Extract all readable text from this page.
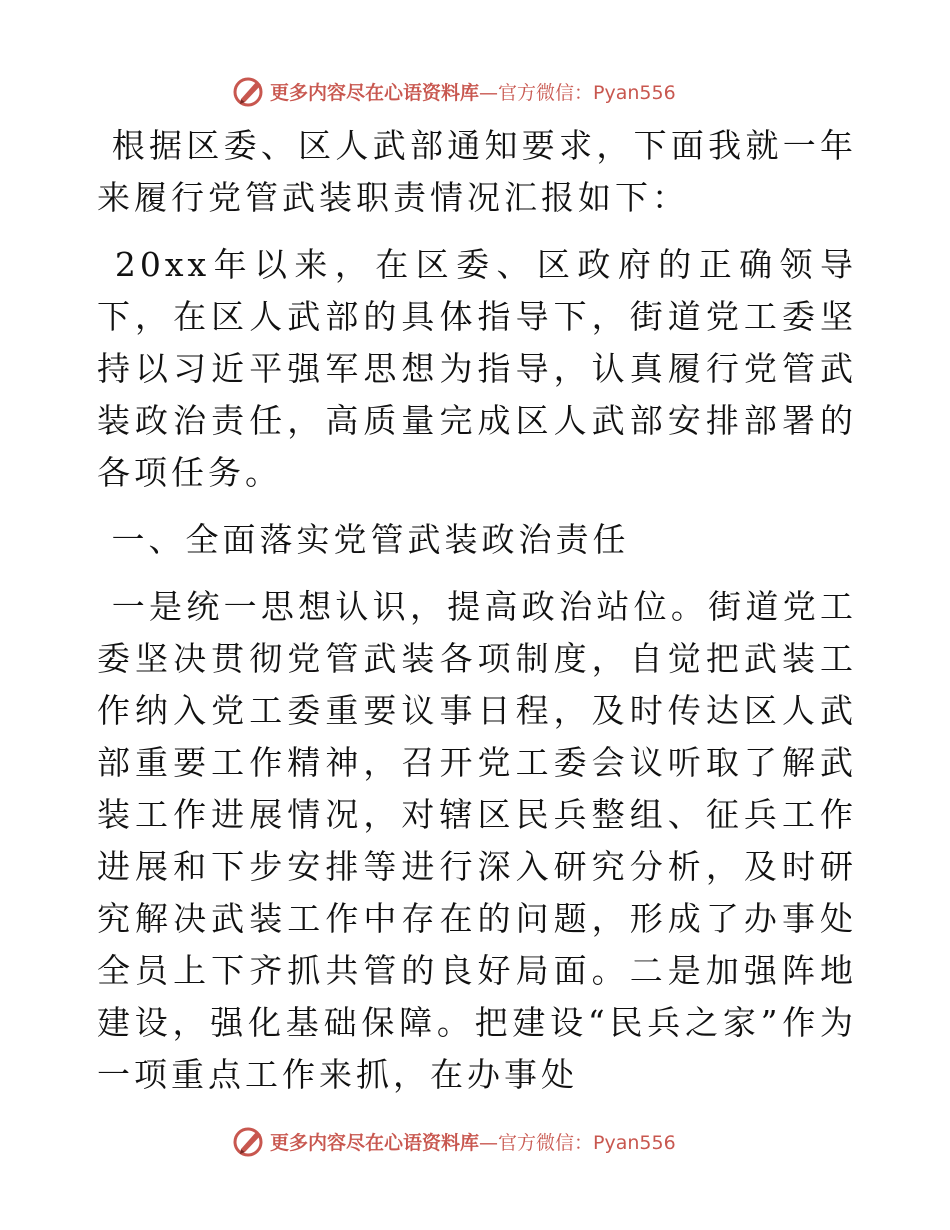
更多内容尽在心语资料库 —官方微信：Pyan556

根据区委、区人武部通知要求，下面我就一年来履行党管武装职责情况汇报如下：

20xx年以来，在区委、区政府的正确领导下，在区人武部的具体指导下，街道党工委坚持以习近平强军思想为指导，认真履行党管武装政治责任，高质量完成区人武部安排部署的各项任务。

一、全面落实党管武装政治责任

一是统一思想认识，提高政治站位。街道党工委坚决贯彻党管武装各项制度，自觉把武装工作纳入党工委重要议事日程，及时传达区人武部重要工作精神，召开党工委会议听取了解武装工作进展情况，对辖区民兵整组、征兵工作进展和下步安排等进行深入研究分析，及时研究解决武装工作中存在的问题，形成了办事处全员上下齐抓共管的良好局面。二是加强阵地建设，强化基础保障。把建设“民兵之家”作为一项重点工作来抓，在办事处

更多内容尽在心语资料库 —官方微信：Pyan556
